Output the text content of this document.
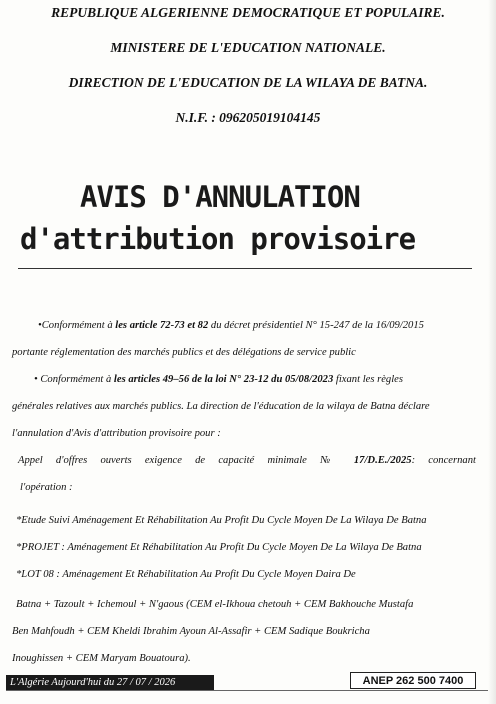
REPUBLIQUE ALGERIENNE DEMOCRATIQUE ET POPULAIRE.
MINISTERE DE L'EDUCATION NATIONALE.
DIRECTION DE L'EDUCATION DE LA WILAYA DE BATNA.
N.I.F. : 096205019104145
AVIS D'ANNULATION
d'attribution provisoire
•Conformément à les article 72-73 et 82 du décret présidentiel N° 15-247 de la 16/09/2015
portante réglementation des marchés publics et des délégations de service public
• Conformément à les articles 49–56 de la loi N° 23-12 du 05/08/2023 fixant les règles
générales relatives aux marchés publics. La direction de l'éducation de la wilaya de Batna déclare
l'annulation d'Avis d'attribution provisoire pour :
Appel d'offres ouverts exigence de capacité minimale № 17/D.E./2025: concernant
l'opération :
*Etude Suivi Aménagement Et Réhabilitation Au Profit Du Cycle Moyen De La Wilaya De Batna
*PROJET : Aménagement Et Réhabilitation Au Profit Du Cycle Moyen De La Wilaya De Batna
*LOT 08 : Aménagement Et Réhabilitation Au Profit Du Cycle Moyen Daira De
Batna + Tazoult + Ichemoul + N'gaous (CEM el-Ikhoua chetouh + CEM Bakhouche Mustafa
Ben Mahfoudh + CEM Kheldi Ibrahim Ayoun Al-Assafir + CEM Sadique Boukricha
Inoughissen + CEM Maryam Bouatoura).
L'Algérie Aujourd'hui du 27 / 07 / 2026	ANEP 262 500 7400
